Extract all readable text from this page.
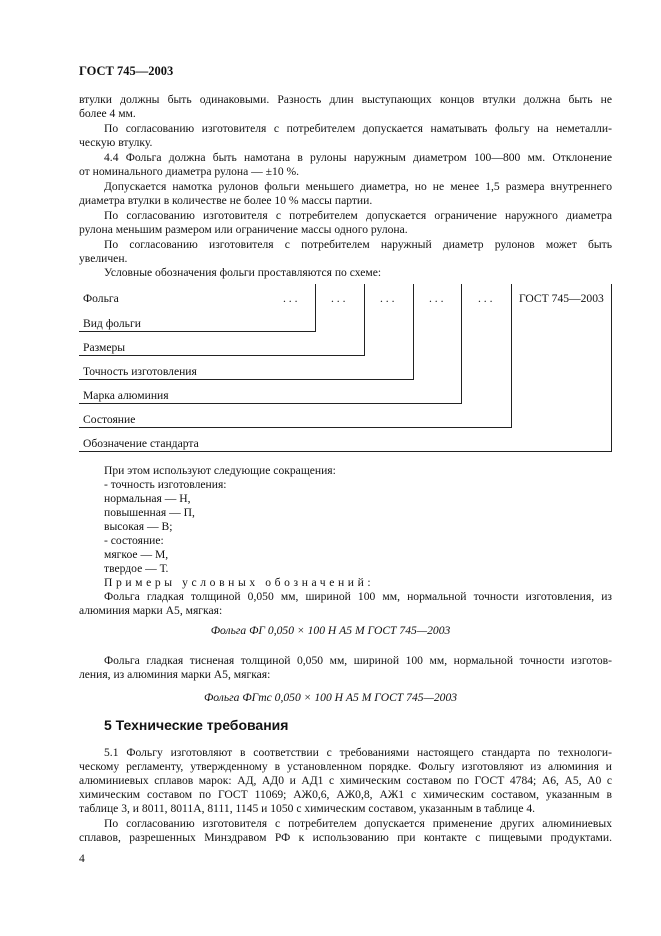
ГОСТ 745—2003
втулки должны быть одинаковыми. Разность длин выступающих концов втулки должна быть не
более 4 мм.
По согласованию изготовителя с потребителем допускается наматывать фольгу на неметалли-
ческую втулку.
4.4 Фольга должна быть намотана в рулоны наружным диаметром 100—800 мм. Отклонение
от номинального диаметра рулона — ±10 %.
Допускается намотка рулонов фольги меньшего диаметра, но не менее 1,5 размера внутреннего
диаметра втулки в количестве не более 10 % массы партии.
По согласованию изготовителя с потребителем допускается ограничение наружного диаметра
рулона меньшим размером или ограничение массы одного рулона.
По согласованию изготовителя с потребителем наружный диаметр рулонов может быть
увеличен.
Условные обозначения фольги проставляются по схеме:
Фольга	. . .	. . .	. . .	. . .	. . . ГОСТ 745—2003
Вид фольги
Размеры
Точность изготовления
Марка алюминия
Состояние
Обозначение стандарта
При этом используют следующие сокращения:
- точность изготовления:
нормальная — Н,
повышенная — П,
высокая — В;
- состояние:
мягкое — М,
твердое — Т.
Примеры условных обозначений:
Фольга гладкая толщиной 0,050 мм, шириной 100 мм, нормальной точности изготовления, из
алюминия марки А5, мягкая:
Фольга ФГ 0,050 × 100 Н А5 М ГОСТ 745—2003
Фольга гладкая тисненая толщиной 0,050 мм, шириной 100 мм, нормальной точности изготов-
ления, из алюминия марки А5, мягкая:
Фольга ФГтс 0,050 × 100 Н А5 М ГОСТ 745—2003
5 Технические требования
5.1 Фольгу изготовляют в соответствии с требованиями настоящего стандарта по технологи-
ческому регламенту, утвержденному в установленном порядке. Фольгу изготовляют из алюминия и
алюминиевых сплавов марок: АД, АД0 и АД1 с химическим составом по ГОСТ 4784; А6, А5, А0 с
химическим составом по ГОСТ 11069; АЖ0,6, АЖ0,8, АЖ1 с химическим составом, указанным в
таблице 3, и 8011, 8011А, 8111, 1145 и 1050 с химическим составом, указанным в таблице 4.
По согласованию изготовителя с потребителем допускается применение других алюминиевых
сплавов, разрешенных Минздравом РФ к использованию при контакте с пищевыми продуктами.
4
